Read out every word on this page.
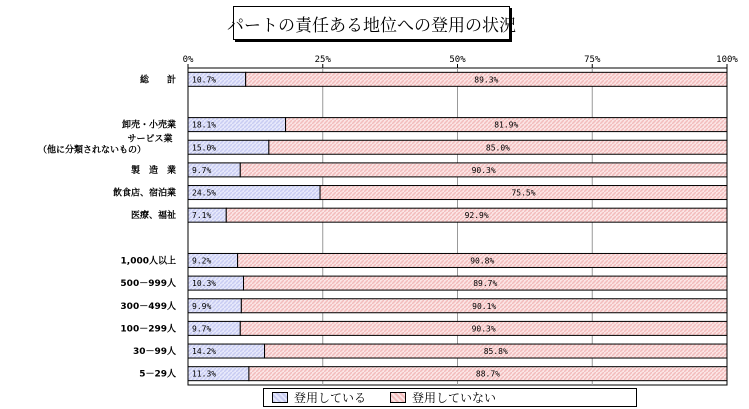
0%	25%	50%	75%	100%
総　　計 10.7%	89.3%
卸売・小売業 18.1%	81.9%
サービス業
（他に分類されないもの）	15.0%	85.0%
製　造　業 9.7%	90.3%
飲食店、宿泊業 24.5%	75.5%
医療、福祉 7.1%	92.9%
1,000人以上 9.2%	90.8%
500－999人 10.3%	89.7%
300－499人 9.9%	90.1%
100－299人 9.7%	90.3%
30－99人 14.2%	85.8%
5－29人 11.3%	88.7%
パートの責任ある地位への登用の状況
登用している	登用していない
